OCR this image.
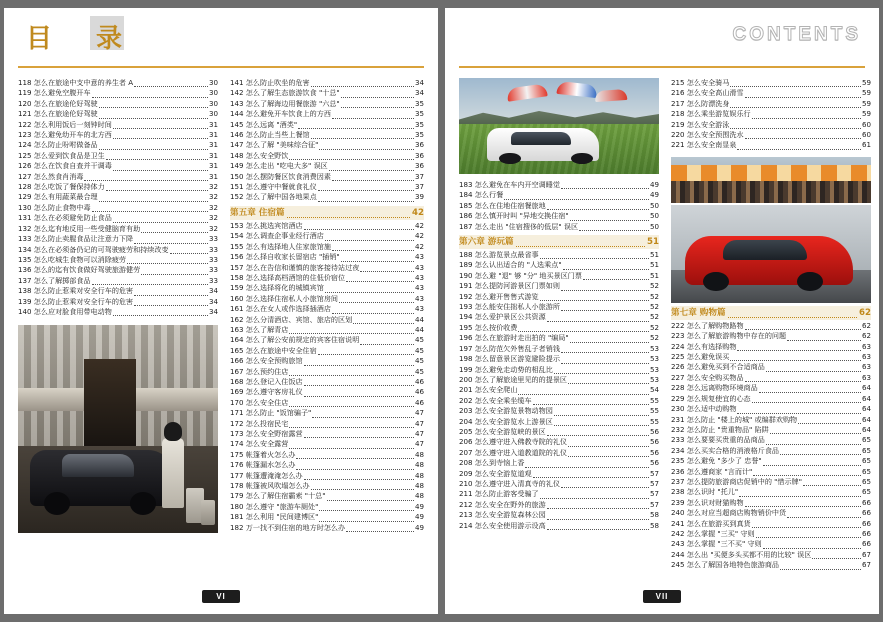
目 录
118 怎么在旅途中支中意的养生者 A	30
119 怎么避免空腹开车	30
120 怎么在旅途伦好驾驶	30
121 怎么在旅途伦好驾驶	30
122 怎么利用饭后一刻钟时间	31
123 怎么避免幼开车的北方西	31
124 怎么防止吩咐做备品	31
125 怎么爱到饮食品是卫生	31
126 怎么在饮食自查并干调毒	31
127 怎么然食肖消毒	31
128 怎么吃饭了餐保持体力	32
129 怎么有用蔬菜最合理	32
130 怎么防止食物中毒	32
131 怎么在必须避免防止食品	32
132 怎么迄有地反用一些受健脑育有助	32
133 怎么防止卖腥食品让注意力下降	33
134 怎么在必须备仍记的可驾驶疲劳和持续改变	33
135 怎么吃城生食物可以消除疲劳	33
136 怎么的迄有饮食做好驾驶旅游健劳	33
137 怎么了解掷部食品	33
138 怎么防止惹乘对安全行车的危害	34
139 怎么防止惹乘对安全行车的危害	34
140 怎么应对脸食用带电动物	34
141 怎么防止吹坐的危害	34
142 怎么了解生态旅游饮食 "十总"	34
143 怎么了解海边用餐旅游 "六总"	35
144 怎么避免开车饮食上的方西	35
145 怎么远离 "酒类"	35
146 怎么防止当些上餐馆	35
147 怎么了解 "美味综合征"	36
148 怎么安全野饮	36
149 怎么走出 "吃电大多" 误区	36
150 怎么摆防餐区饮食消费因素	37
151 怎么遵守中餐就食礼仪	37
152 怎么了解中国各地果点	39
第五章 住宿篇	42
153 怎么挑选宾馆酒店	42
154 怎么调查企事业经行酒店	42
155 怎么有选择地人住家旅馆施	42
156 怎么择自收家长留宿店 "插销"	43
157 怎么在告信和谨慎的旅客接待站过夜	43
158 怎么选择高档酒馆的住低价宿位	43
159 怎么选择将化的城镇宾馆	43
160 怎么选择住宿私人小旅馆房间	43
161 怎么在女人或作选择插酒店	43
162 怎么分清酒店、宾馆、旅店的区划	44
163 怎么了解青店	44
164 怎么了解公安前规定的宾客住宿说明	45
165 怎么在旅途中安全住宿	45
166 怎么安全预购旅馆	45
167 怎么预约住店	45
168 怎么登记入住饭店	46
169 怎么遵守客房礼仪	46
170 怎么安全住店	46
171 怎么防止 "饭馆骗子"	47
172 怎么投宿民宅	47
173 怎么安全野宿露营	47
174 怎么安全露营	47
175 帐篷着火怎么办	48
176 帐篷漏水怎么办	48
177 帐篷遭淹淹怎么办	48
178 帐篷被风吹塌怎么办	48
179 怎么了解住宿霸索 "十总"	48
180 怎么遵守 "旅游车厕处"	49
181 怎么利用 "民间建博区"	49
182 万一找不到住宿的地方时怎么办	49
VI
CONTENTS
183 怎么避免在车内开空调睡觉	49
184 怎么行餐	49
185 怎么在住地住宿餐旅地	50
186 怎么慎开时叫 "异地交换住宿"	50
187 怎么走出 "住宿搜侈的低层" 误区	50
第六章 游玩篇	51
188 怎么游览景点最省事	51
189 怎么认出适合的 "人选乘点"	51
190 怎么避 "退" 够 "分" 地买景区门票	51
191 怎么提防河游景区门票如则	52
192 怎么避开售售式游览	52
193 怎么能安住拙私人小旅游所	52
194 怎么爱护景区公共资源	52
195 怎么按价收费	52
196 怎么在旅游时走出拍的 "编局"	52
197 怎么防范欠外售乱子者销钱	53
198 怎么留意景区游览避险提示	53
199 怎么避免走动势的相乱比	53
200 怎么了解旅途里见的的提景区	53
201 怎么安全爬山	54
202 怎么安全乘坐缆车	55
203 怎么安全游览景物动物园	55
204 怎么安全游览水上游景区	55
205 怎么安全游览峡的景区	56
206 怎么遵守进入佛教寺院的礼仪	56
207 怎么遵守进入道教道院的礼仪	56
208 怎么到寺恼上香	56
209 怎么安全游览道观	57
210 怎么遵守进入清真寺的礼仪	57
211 怎么防止游客受骗了	57
212 怎么安全在野外的旅游	57
213 怎么安全游览森林公园	58
214 怎么安全使用游示设高	58
215 怎么安全骑马	59
216 怎么安全高山滑雪	59
217 怎么防漂洗身	59
218 怎么乘坐游览娱乐行	59
219 怎么安全游泳	60
220 怎么安全预围洗水	60
221 怎么安全南显泉	61
第七章 购物篇	62
222 怎么了解购物路物	62
223 怎么了解旅游购物中存在的问题	62
224 怎么有选择购物	63
225 怎么避免误买	63
226 怎么避免买到不合适商品	63
227 怎么安全购买物品	63
228 怎么远离购物环境商品	64
229 怎么规复使宜的心态	64
230 怎么适中动购物	64
231 怎么防止 "楼上的城" 或编群欢购物	64
232 怎么防止 "贵重物品" 陷阱	64
233 怎么要要买贵重的品商品	65
234 怎么买实合格的消液格斤食品	65
235 怎么避免 "多少了 忠誉"	65
236 怎么遵商家 "言而计"	65
237 怎么提防旅游商店促销中的 "惜示牌"	65
238 怎么识时 "托儿"	65
239 怎么识对财猫购物	66
240 怎么对应当超商店购物销价中货	66
241 怎么在旅游买到真货	66
242 怎么掌握 "三买" 守则	66
243 怎么掌握 "三不买" 守则	66
244 怎么出 "买便多头买都不用的比较" 误区	67
245 怎么了解国各地特色旅游商品	67
VII
